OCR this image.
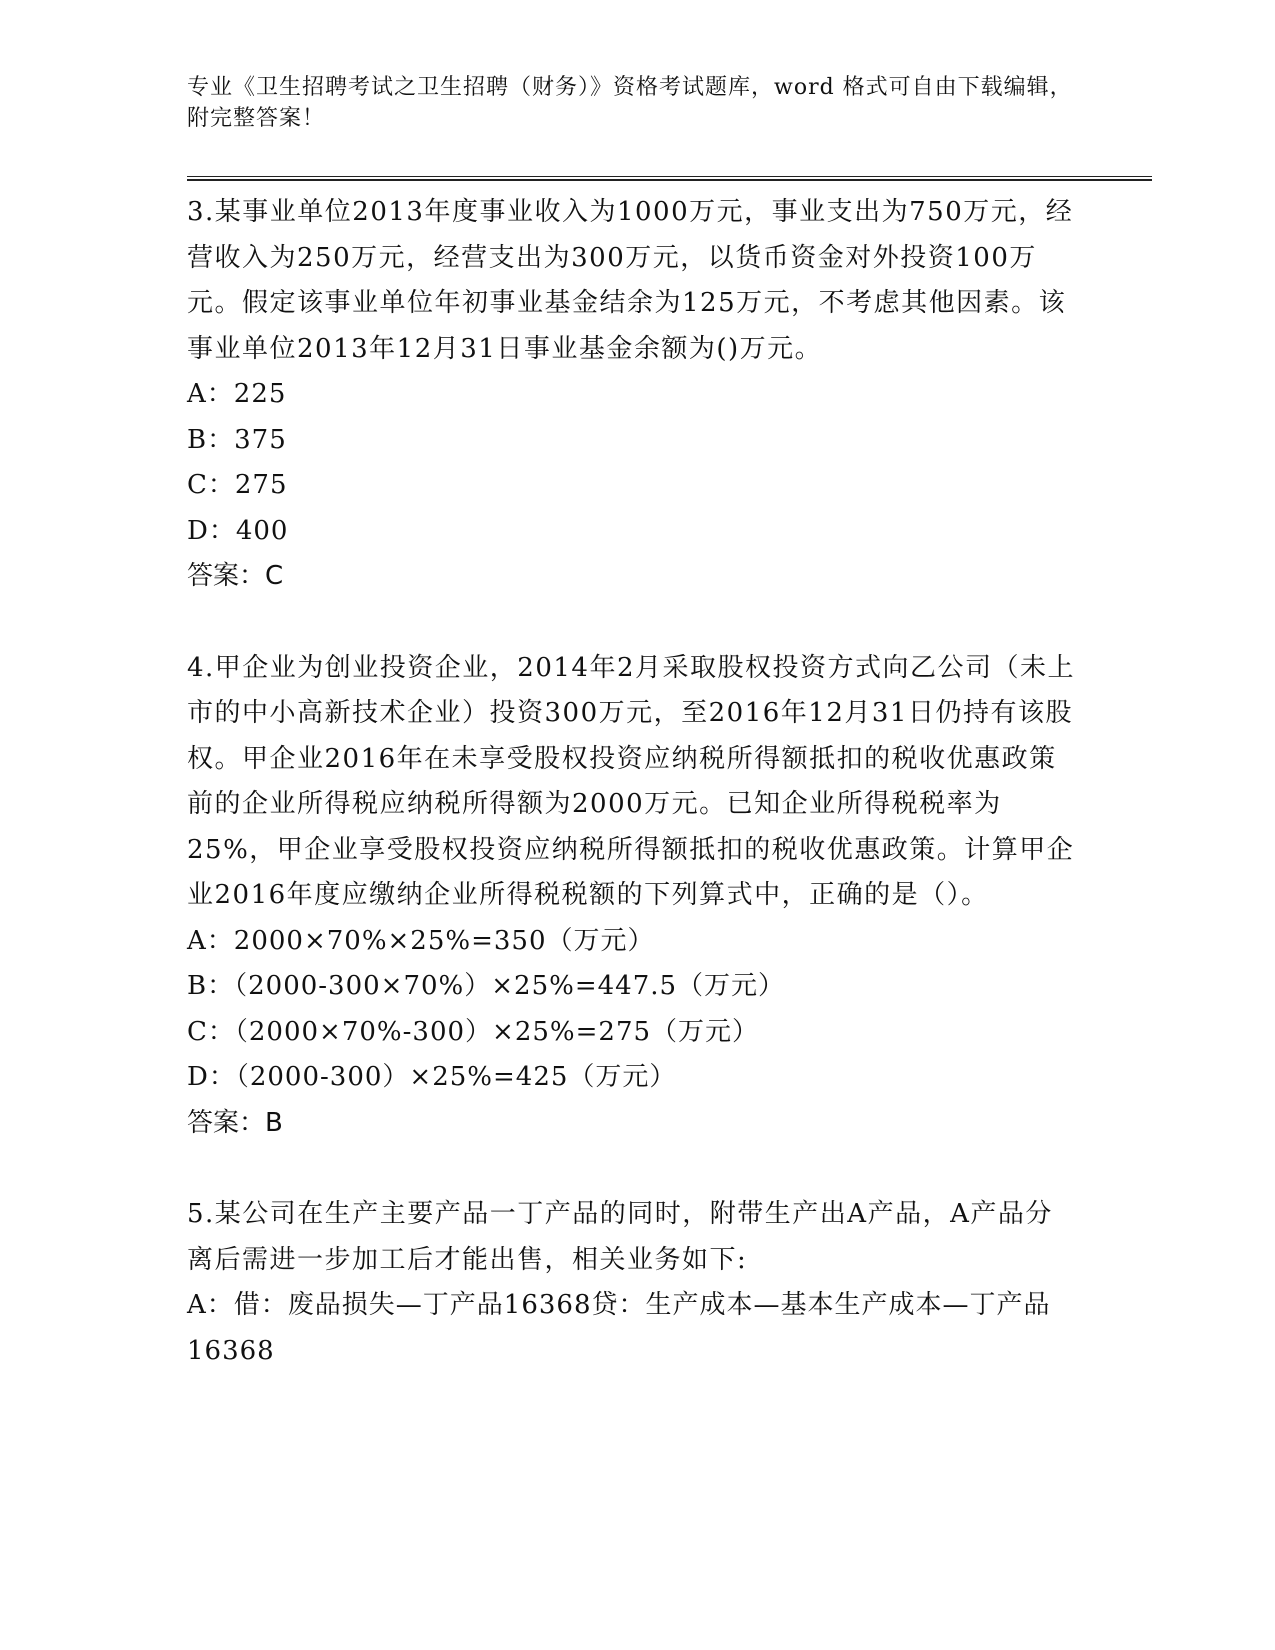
专业《卫生招聘考试之卫生招聘（财务）》资格考试题库，word 格式可自由下载编辑，附完整答案！

3.某事业单位2013年度事业收入为1000万元，事业支出为750万元，经营收入为250万元，经营支出为300万元，以货币资金对外投资100万元。假定该事业单位年初事业基金结余为125万元，不考虑其他因素。该事业单位2013年12月31日事业基金余额为()万元。

A：225

B：375

C：275

D：400

答案：C

4.甲企业为创业投资企业，2014年2月采取股权投资方式向乙公司（未上市的中小高新技术企业）投资300万元，至2016年12月31日仍持有该股权。甲企业2016年在未享受股权投资应纳税所得额抵扣的税收优惠政策前的企业所得税应纳税所得额为2000万元。已知企业所得税税率为25%，甲企业享受股权投资应纳税所得额抵扣的税收优惠政策。计算甲企业2016年度应缴纳企业所得税税额的下列算式中，正确的是（）。

A：2000×70%×25%=350（万元）

B：（2000-300×70%）×25%=447.5（万元）

C：（2000×70%-300）×25%=275（万元）

D：（2000-300）×25%=425（万元）

答案：B

5.某公司在生产主要产品一丁产品的同时，附带生产出A产品，A产品分离后需进一步加工后才能出售，相关业务如下:

A：借：废品损失—丁产品16368贷：生产成本—基本生产成本—丁产品16368
